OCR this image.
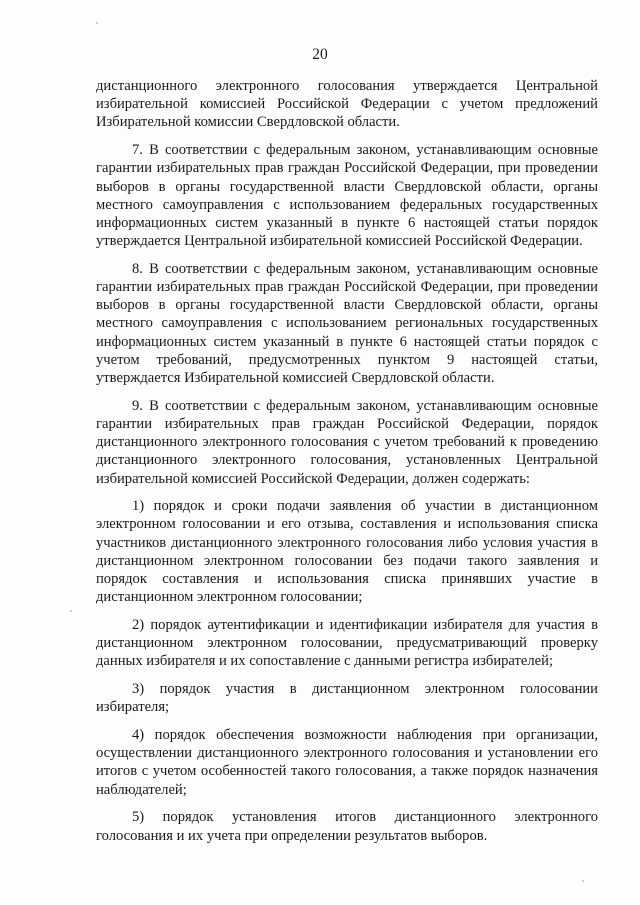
20

дистанционного электронного голосования утверждается Центральной избирательной комиссией Российской Федерации с учетом предложений Избирательной комиссии Свердловской области.

7. В соответствии с федеральным законом, устанавливающим основные гарантии избирательных прав граждан Российской Федерации, при проведении выборов в органы государственной власти Свердловской области, органы местного самоуправления с использованием федеральных государственных информационных систем указанный в пункте 6 настоящей статьи порядок утверждается Центральной избирательной комиссией Российской Федерации.

8. В соответствии с федеральным законом, устанавливающим основные гарантии избирательных прав граждан Российской Федерации, при проведении выборов в органы государственной власти Свердловской области, органы местного самоуправления с использованием региональных государственных информационных систем указанный в пункте 6 настоящей статьи порядок с учетом требований, предусмотренных пунктом 9 настоящей статьи, утверждается Избирательной комиссией Свердловской области.

9. В соответствии с федеральным законом, устанавливающим основные гарантии избирательных прав граждан Российской Федерации, порядок дистанционного электронного голосования с учетом требований к проведению дистанционного электронного голосования, установленных Центральной избирательной комиссией Российской Федерации, должен содержать:

1) порядок и сроки подачи заявления об участии в дистанционном электронном голосовании и его отзыва, составления и использования списка участников дистанционного электронного голосования либо условия участия в дистанционном электронном голосовании без подачи такого заявления и порядок составления и использования списка принявших участие в дистанционном электронном голосовании;

2) порядок аутентификации и идентификации избирателя для участия в дистанционном электронном голосовании, предусматривающий проверку данных избирателя и их сопоставление с данными регистра избирателей;

3) порядок участия в дистанционном электронном голосовании избирателя;

4) порядок обеспечения возможности наблюдения при организации, осуществлении дистанционного электронного голосования и установлении его итогов с учетом особенностей такого голосования, а также порядок назначения наблюдателей;

5) порядок установления итогов дистанционного электронного голосования и их учета при определении результатов выборов.
